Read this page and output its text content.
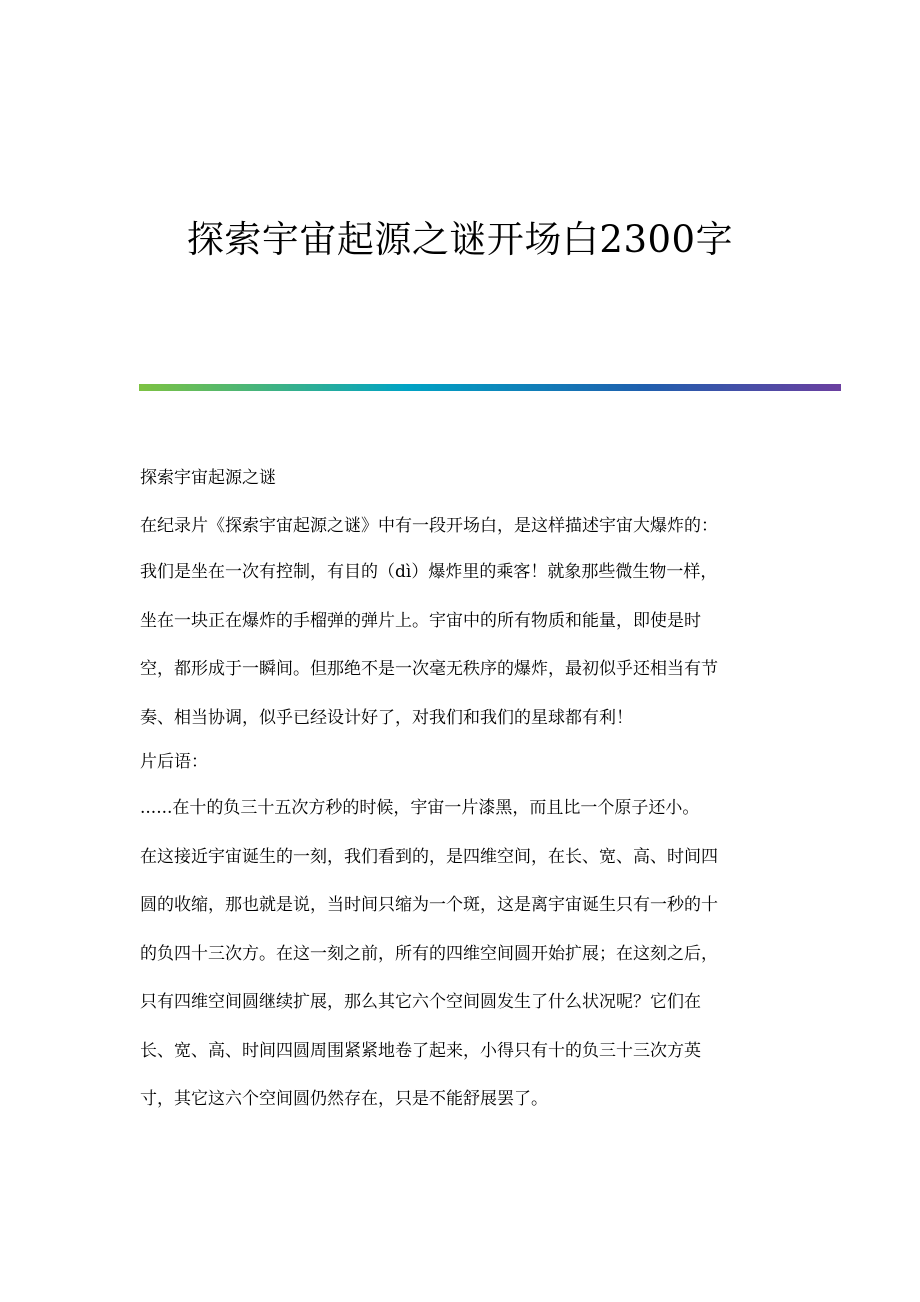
探索宇宙起源之谜开场白2300字

探索宇宙起源之谜

在纪录片《探索宇宙起源之谜》中有一段开场白，是这样描述宇宙大爆炸的：

我们是坐在一次有控制，有目的（dì）爆炸里的乘客！就象那些微生物一样，
坐在一块正在爆炸的手榴弹的弹片上。宇宙中的所有物质和能量，即使是时
空，都形成于一瞬间。但那绝不是一次毫无秩序的爆炸，最初似乎还相当有节
奏、相当协调，似乎已经设计好了，对我们和我们的星球都有利！

片后语：

......在十的负三十五次方秒的时候，宇宙一片漆黑，而且比一个原子还小。
在这接近宇宙诞生的一刻，我们看到的，是四维空间，在长、宽、高、时间四
圆的收缩，那也就是说，当时间只缩为一个斑，这是离宇宙诞生只有一秒的十
的负四十三次方。在这一刻之前，所有的四维空间圆开始扩展；在这刻之后，
只有四维空间圆继续扩展，那么其它六个空间圆发生了什么状况呢？它们在
长、宽、高、时间四圆周围紧紧地卷了起来，小得只有十的负三十三次方英
寸，其它这六个空间圆仍然存在，只是不能舒展罢了。
